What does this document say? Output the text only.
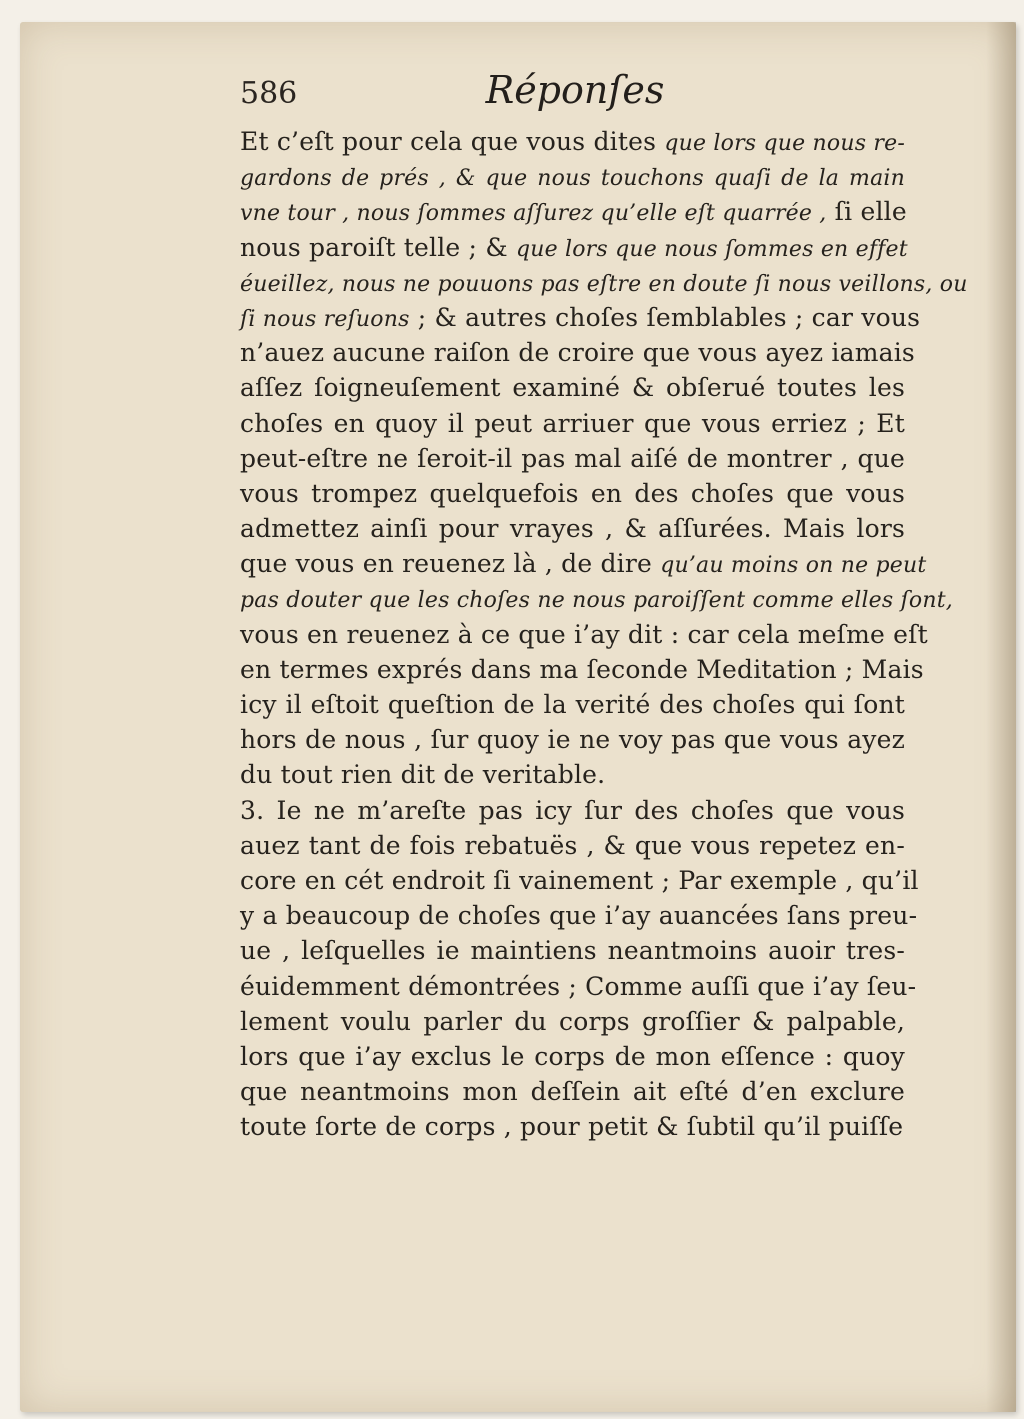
586	Réponſes
Et c’eſt pour cela que vous dites que lors que nous re-
gardons de prés , & que nous touchons quaſi de la main
vne tour , nous ſommes aſſurez qu’elle eſt quarrée , ſi elle
nous paroiſt telle ; & que lors que nous ſommes en effet
éueillez, nous ne pouuons pas eſtre en doute ſi nous veillons, ou
ſi nous reſuons ; & autres choſes ſemblables ; car vous
n’auez aucune raiſon de croire que vous ayez iamais
aſſez ſoigneuſement examiné & obſerué toutes les
choſes en quoy il peut arriuer que vous erriez ; Et
peut-eſtre ne ſeroit-il pas mal aiſé de montrer , que
vous trompez quelquefois en des choſes que vous
admettez ainſi pour vrayes , & aſſurées. Mais lors
que vous en reuenez là , de dire qu’au moins on ne peut
pas douter que les choſes ne nous paroiſſent comme elles ſont,
vous en reuenez à ce que i’ay dit : car cela meſme eſt
en termes exprés dans ma ſeconde Meditation ; Mais
icy il eſtoit queſtion de la verité des choſes qui ſont
hors de nous , ſur quoy ie ne voy pas que vous ayez
du tout rien dit de veritable.
3. Ie ne m’areſte pas icy ſur des choſes que vous
auez tant de fois rebatuës , & que vous repetez en-
core en cét endroit ſi vainement ; Par exemple , qu’il
y a beaucoup de choſes que i’ay auancées ſans preu-
ue , leſquelles ie maintiens neantmoins auoir tres-
éuidemment démontrées ; Comme auſſi que i’ay ſeu-
lement voulu parler du corps groſſier & palpable,
lors que i’ay exclus le corps de mon eſſence : quoy
que neantmoins mon deſſein ait eſté d’en exclure
toute ſorte de corps , pour petit & ſubtil qu’il puiſſe
